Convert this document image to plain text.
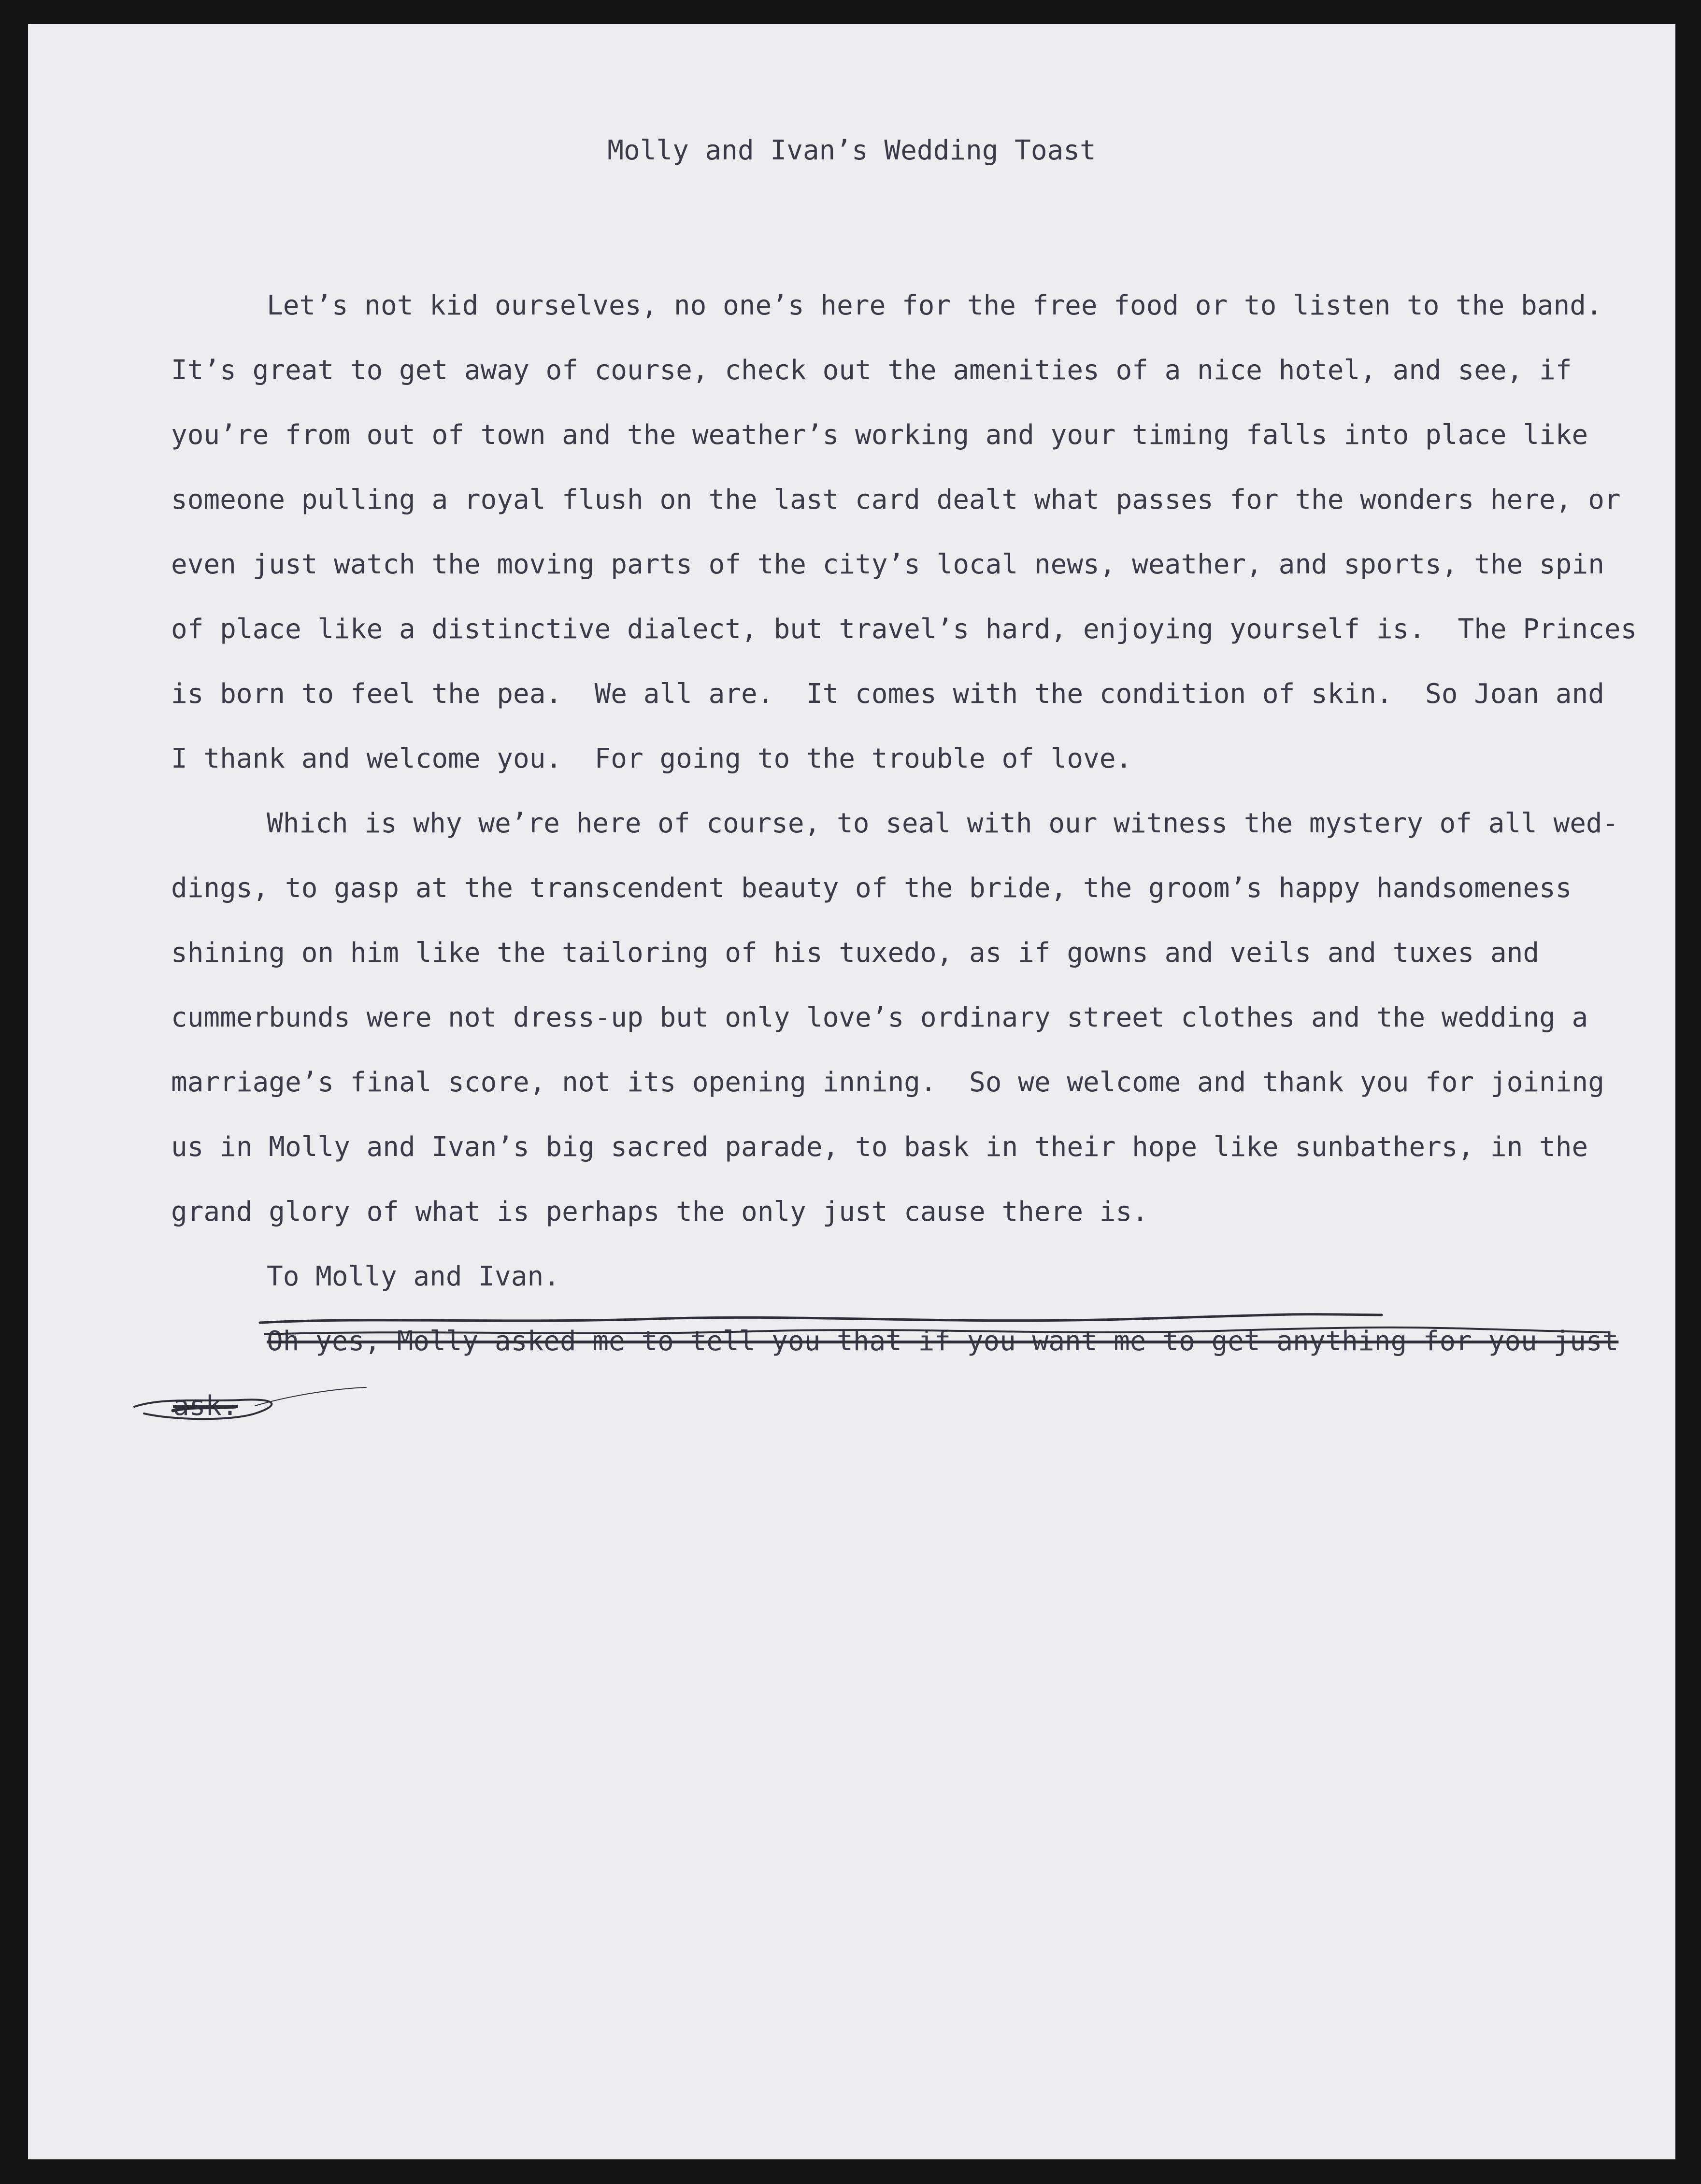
Molly and Ivan’s Wedding Toast
Let’s not kid ourselves, no one’s here for the free food or to listen to the band.
It’s great to get away of course, check out the amenities of a nice hotel, and see, if
you’re from out of town and the weather’s working and your timing falls into place like
someone pulling a royal flush on the last card dealt what passes for the wonders here, or
even just watch the moving parts of the city’s local news, weather, and sports, the spin
of place like a distinctive dialect, but travel’s hard, enjoying yourself is.  The Princes
is born to feel the pea.  We all are.  It comes with the condition of skin.  So Joan and
I thank and welcome you.  For going to the trouble of love.
Which is why we’re here of course, to seal with our witness the mystery of all wed-
dings, to gasp at the transcendent beauty of the bride, the groom’s happy handsomeness
shining on him like the tailoring of his tuxedo, as if gowns and veils and tuxes and
cummerbunds were not dress-up but only love’s ordinary street clothes and the wedding a
marriage’s final score, not its opening inning.  So we welcome and thank you for joining
us in Molly and Ivan’s big sacred parade, to bask in their hope like sunbathers, in the
grand glory of what is perhaps the only just cause there is.
To Molly and Ivan.
Oh yes, Molly asked me to tell you that if you want me to get anything for you just
ask.
